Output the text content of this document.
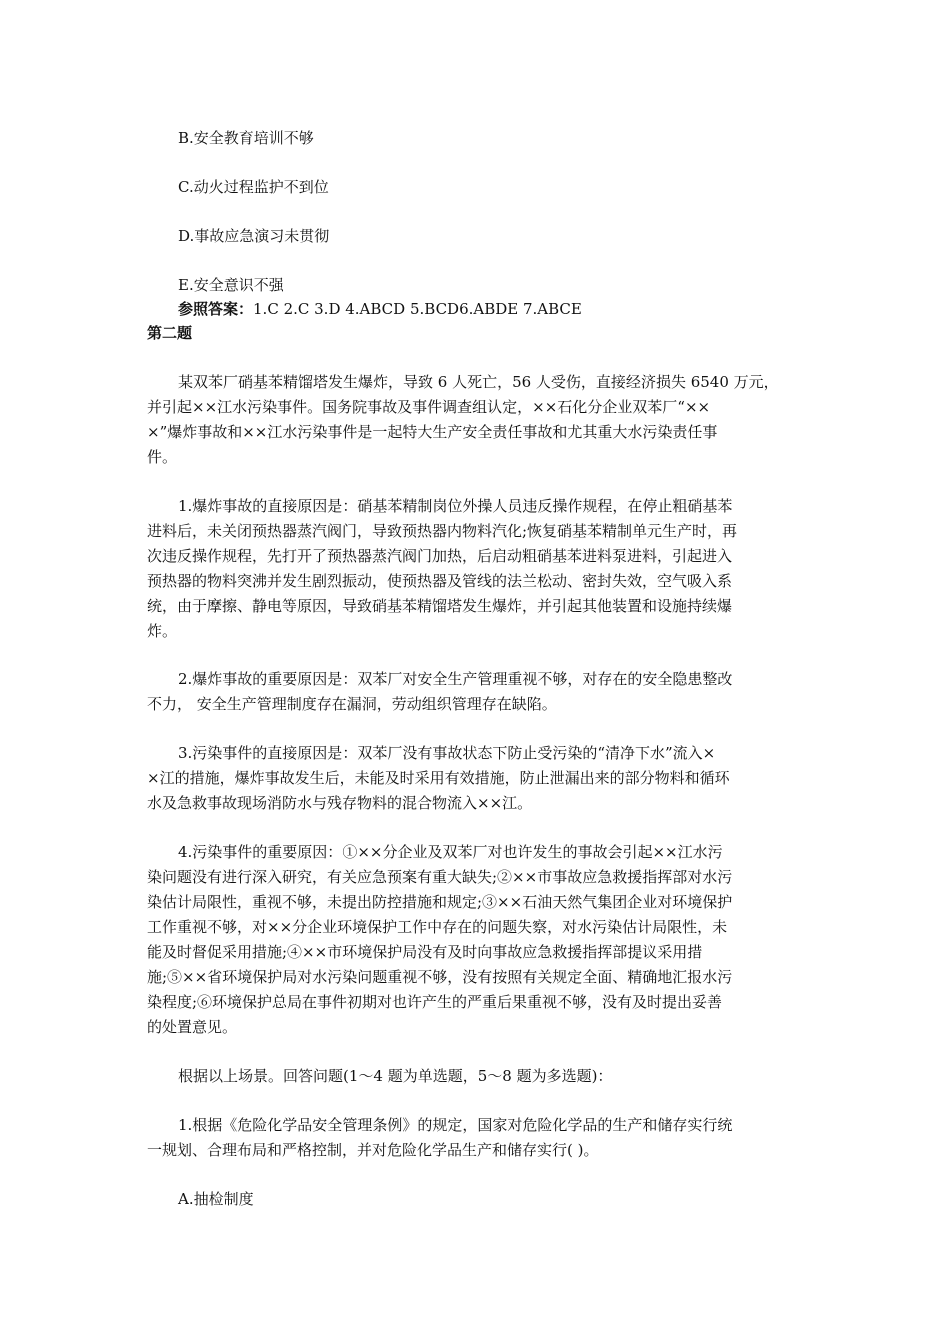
B.安全教育培训不够
C.动火过程监护不到位
D.事故应急演习未贯彻
E.安全意识不强
参照答案：1.C 2.C 3.D 4.ABCD 5.BCD6.ABDE 7.ABCE
第二题
某双苯厂硝基苯精馏塔发生爆炸，导致 6 人死亡，56 人受伤，直接经济损失 6540 万元，
并引起××江水污染事件。国务院事故及事件调查组认定，××石化分企业双苯厂“××
×”爆炸事故和××江水污染事件是一起特大生产安全责任事故和尤其重大水污染责任事
件。
1.爆炸事故的直接原因是：硝基苯精制岗位外操人员违反操作规程，在停止粗硝基苯
进料后，未关闭预热器蒸汽阀门，导致预热器内物料汽化;恢复硝基苯精制单元生产时，再
次违反操作规程，先打开了预热器蒸汽阀门加热，后启动粗硝基苯进料泵进料，引起进入
预热器的物料突沸并发生剧烈振动，使预热器及管线的法兰松动、密封失效，空气吸入系
统，由于摩擦、静电等原因，导致硝基苯精馏塔发生爆炸，并引起其他装置和设施持续爆
炸。
2.爆炸事故的重要原因是：双苯厂对安全生产管理重视不够，对存在的安全隐患整改
不力， 安全生产管理制度存在漏洞，劳动组织管理存在缺陷。
3.污染事件的直接原因是：双苯厂没有事故状态下防止受污染的“清净下水”流入×
×江的措施，爆炸事故发生后，未能及时采用有效措施，防止泄漏出来的部分物料和循环
水及急救事故现场消防水与残存物料的混合物流入××江。
4.污染事件的重要原因：①××分企业及双苯厂对也许发生的事故会引起××江水污
染问题没有进行深入研究，有关应急预案有重大缺失;②××市事故应急救援指挥部对水污
染估计局限性，重视不够，未提出防控措施和规定;③××石油天然气集团企业对环境保护
工作重视不够，对××分企业环境保护工作中存在的问题失察，对水污染估计局限性，未
能及时督促采用措施;④××市环境保护局没有及时向事故应急救援指挥部提议采用措
施;⑤××省环境保护局对水污染问题重视不够，没有按照有关规定全面、精确地汇报水污
染程度;⑥环境保护总局在事件初期对也许产生的严重后果重视不够，没有及时提出妥善
的处置意见。
根据以上场景。回答问题(1～4 题为单选题，5～8 题为多选题)：
1.根据《危险化学品安全管理条例》的规定，国家对危险化学品的生产和储存实行统
一规划、合理布局和严格控制，并对危险化学品生产和储存实行( )。
A.抽检制度
